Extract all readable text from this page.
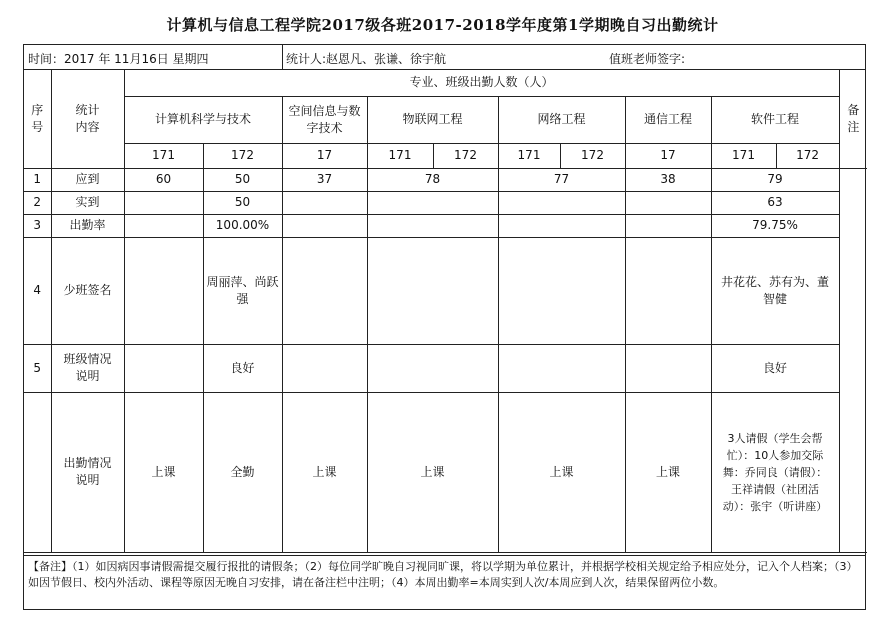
计算机与信息工程学院2017级各班2017-2018学年度第1学期晚自习出勤统计
时间：2017 年 11月16日 星期四	统计人:赵恩凡、张谦、徐宇航	值班老师签字:
序号	统计内容	专业、班级出勤人数（人）										备注
		计算机科学与技术		空间信息与数字技术	物联网工程		网络工程		通信工程	软件工程		
		171	172	17	171	172	171	172	17	171	172	
1	应到	60	50	37	78		77		38	79		
2	实到		50							63		
3	出勤率		100.00%							79.75%		
4	少班签名		周丽萍、尚跃强							井花花、苏有为、董智健		

5	班级情况说明		良好							良好		

	出勤情况说明	上课	全勤	上课	上课		上课		上课	3人请假（学生会帮忙）：10人参加交际舞：乔同良（请假）：王祥请假（社团活动）：张宇（听讲座）		
【备注】（1）如因病因事请假需提交履行报批的请假条；（2）每位同学旷晚自习视同旷课，将以学期为单位累计，并根据学校相关规定给予相应处分，记入个人档案；（3）如因节假日、校内外活动、课程等原因无晚自习安排，请在备注栏中注明；（4）本周出勤率=本周实到人次/本周应到人次，结果保留两位小数。
